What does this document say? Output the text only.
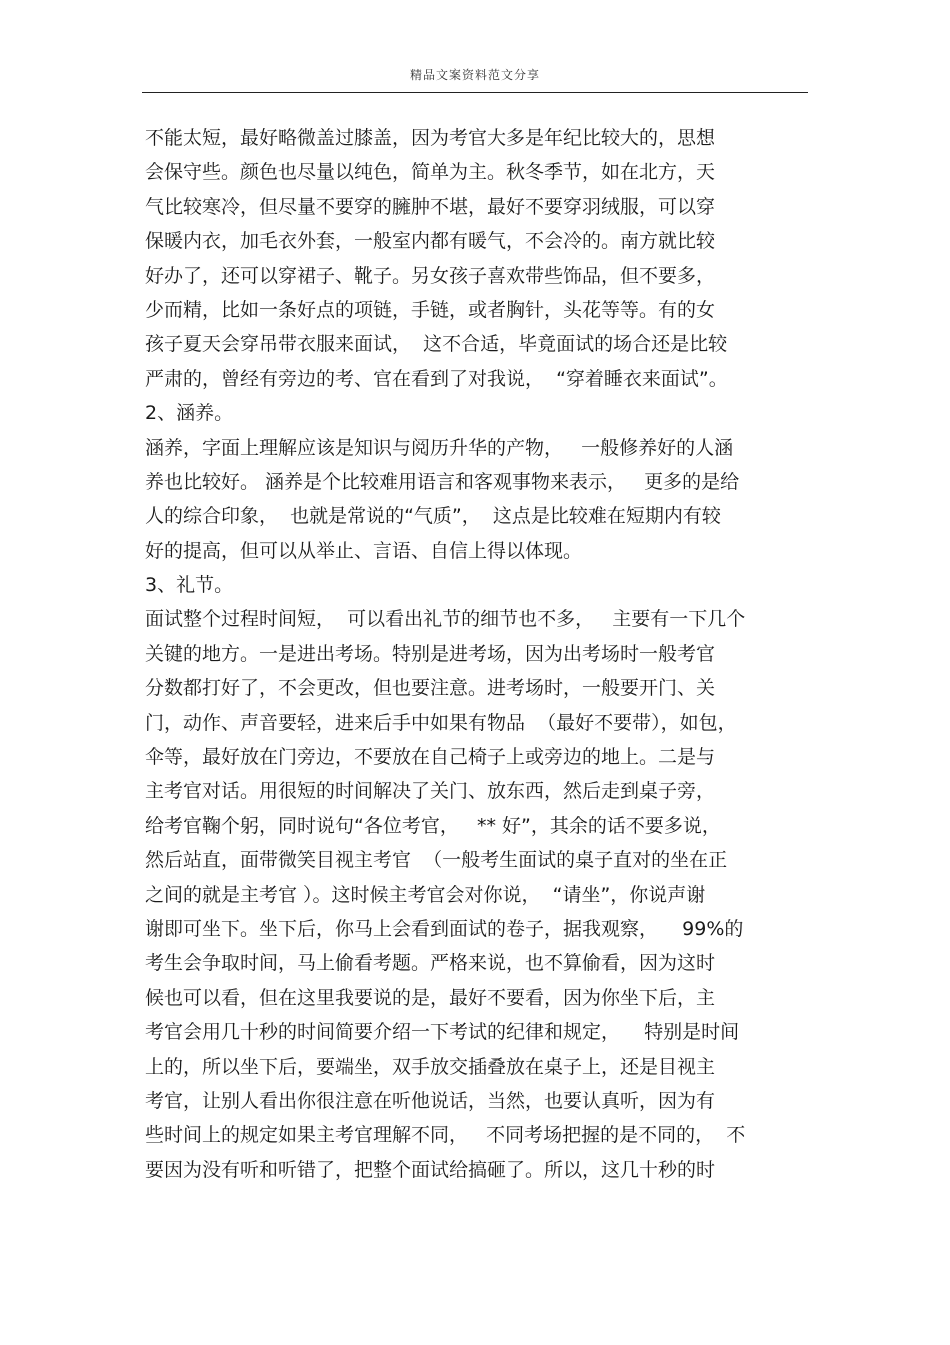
精品文案资料范文分享
不能太短，最好略微盖过膝盖，因为考官大多是年纪比较大的，思想
会保守些。颜色也尽量以纯色，简单为主。秋冬季节，如在北方，天
气比较寒冷，但尽量不要穿的臃肿不堪，最好不要穿羽绒服，可以穿
保暖内衣，加毛衣外套，一般室内都有暖气，不会冷的。南方就比较
好办了，还可以穿裙子、靴子。另女孩子喜欢带些饰品，但不要多，
少而精，比如一条好点的项链，手链，或者胸针，头花等等。有的女
孩子夏天会穿吊带衣服来面试，  这不合适，毕竟面试的场合还是比较
严肃的，曾经有旁边的考、官在看到了对我说，  “穿着睡衣来面试”。
2、涵养。
涵养，字面上理解应该是知识与阅历升华的产物，   一般修养好的人涵
养也比较好。 涵养是个比较难用语言和客观事物来表示，   更多的是给
人的综合印象，  也就是常说的“气质”，  这点是比较难在短期内有较
好的提高，但可以从举止、言语、自信上得以体现。
3、礼节。
面试整个过程时间短，  可以看出礼节的细节也不多，   主要有一下几个
关键的地方。一是进出考场。特别是进考场，因为出考场时一般考官
分数都打好了，不会更改，但也要注意。进考场时，一般要开门、关
门，动作、声音要轻，进来后手中如果有物品  （最好不要带），如包，
伞等，最好放在门旁边，不要放在自己椅子上或旁边的地上。二是与
主考官对话。用很短的时间解决了关门、放东西，然后走到桌子旁，
给考官鞠个躬，同时说句“各位考官，   ** 好”，其余的话不要多说，
然后站直，面带微笑目视主考官  （一般考生面试的桌子直对的坐在正
之间的就是主考官 ）。这时候主考官会对你说，  “请坐”，你说声谢
谢即可坐下。坐下后，你马上会看到面试的卷子，据我观察，    99%的
考生会争取时间，马上偷看考题。严格来说，也不算偷看，因为这时
候也可以看，但在这里我要说的是，最好不要看，因为你坐下后，主
考官会用几十秒的时间简要介绍一下考试的纪律和规定，    特别是时间
上的，所以坐下后，要端坐，双手放交插叠放在桌子上，还是目视主
考官，让别人看出你很注意在听他说话，当然，也要认真听，因为有
些时间上的规定如果主考官理解不同，   不同考场把握的是不同的，  不
要因为没有听和听错了，把整个面试给搞砸了。所以，这几十秒的时
